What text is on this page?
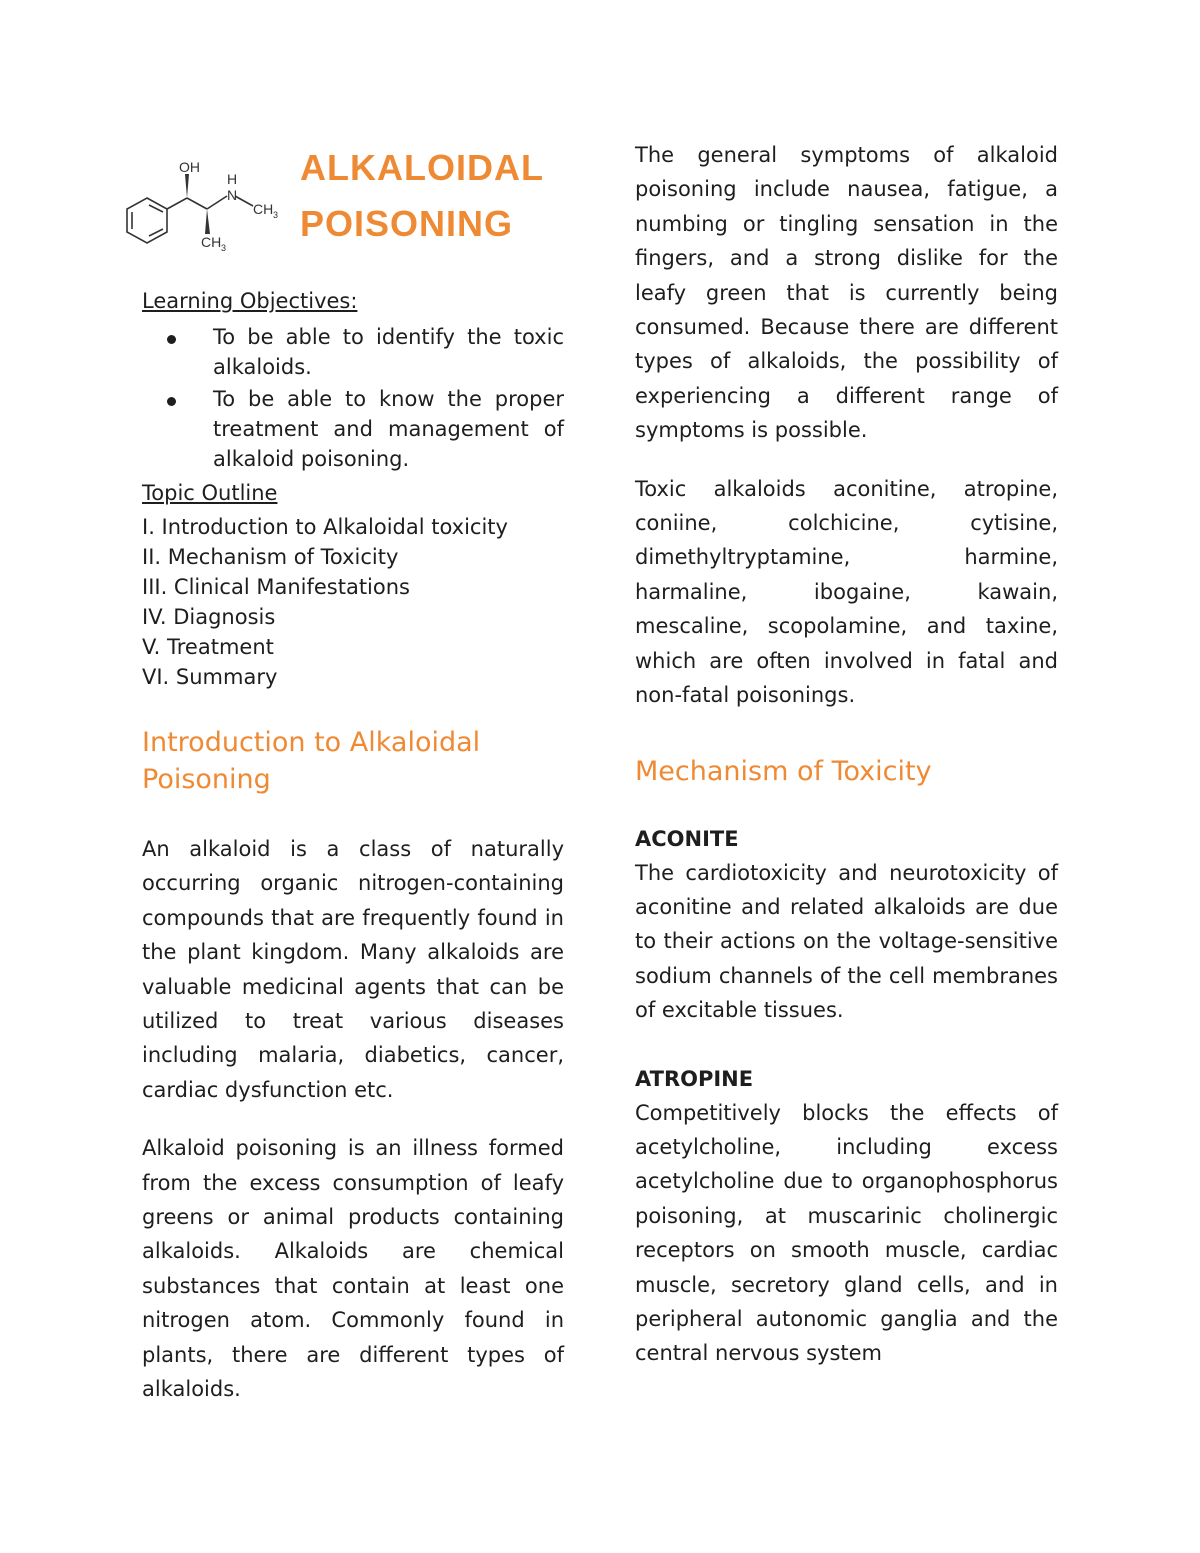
OH
H
N
CH 3
CH 3
ALKALOIDAL
POISONING

Learning Objectives:

To be able to identify the toxic alkaloids.
To be able to know the proper treatment and management of alkaloid poisoning.

Topic Outline

I. Introduction to Alkaloidal toxicity
II. Mechanism of Toxicity
III. Clinical Manifestations
IV. Diagnosis
V. Treatment
VI. Summary
Introduction to Alkaloidal Poisoning

An alkaloid is a class of naturally occurring organic nitrogen-containing compounds that are frequently found in the plant kingdom. Many alkaloids are valuable medicinal agents that can be utilized to treat various diseases including malaria, diabetics, cancer, cardiac dysfunction etc.

Alkaloid poisoning is an illness formed from the excess consumption of leafy greens or animal products containing alkaloids. Alkaloids are chemical substances that contain at least one nitrogen atom. Commonly found in plants, there are different types of alkaloids.

The general symptoms of alkaloid poisoning include nausea, fatigue, a numbing or tingling sensation in the fingers, and a strong dislike for the leafy green that is currently being consumed. Because there are different types of alkaloids, the possibility of experiencing a different range of symptoms is possible.

Toxic alkaloids aconitine, atropine, coniine, colchicine, cytisine, dimethyltryptamine, harmine, harmaline, ibogaine, kawain, mescaline, scopolamine, and taxine, which are often involved in fatal and non-fatal poisonings.

Mechanism of Toxicity

ACONITE

The cardiotoxicity and neurotoxicity of aconitine and related alkaloids are due to their actions on the voltage-sensitive sodium channels of the cell membranes of excitable tissues.

ATROPINE

Competitively blocks the effects of acetylcholine, including excess acetylcholine due to organophosphorus poisoning, at muscarinic cholinergic receptors on smooth muscle, cardiac muscle, secretory gland cells, and in peripheral autonomic ganglia and the central nervous system
